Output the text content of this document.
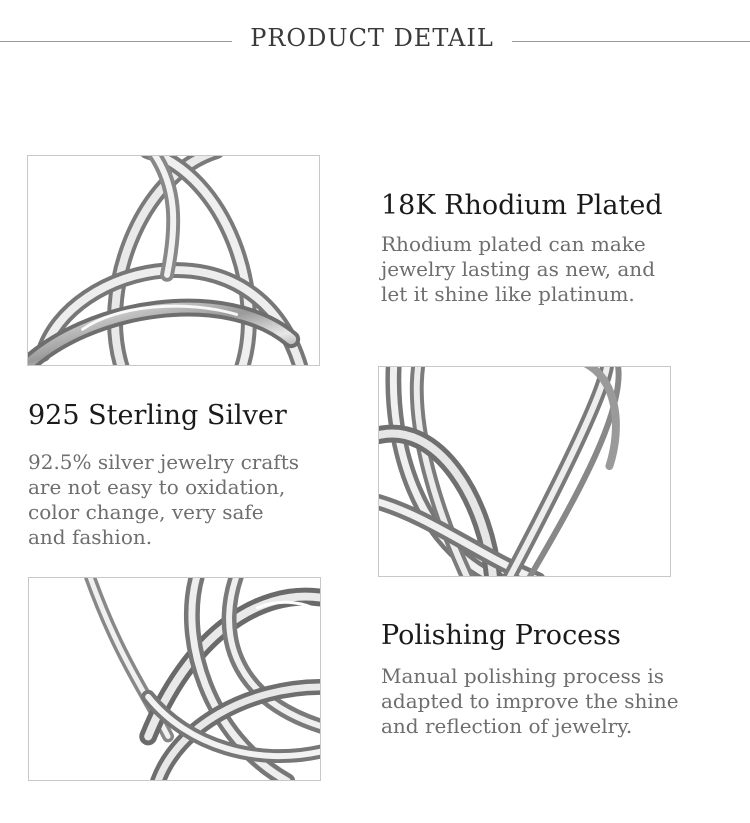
PRODUCT DETAIL
18K Rhodium Plated
Rhodium plated can make
jewelry lasting as new, and
let it shine like platinum.
925 Sterling Silver
92.5% silver jewelry crafts
are not easy to oxidation,
color change, very safe
and fashion.
Polishing Process
Manual polishing process is
adapted to improve the shine
and reflection of jewelry.
